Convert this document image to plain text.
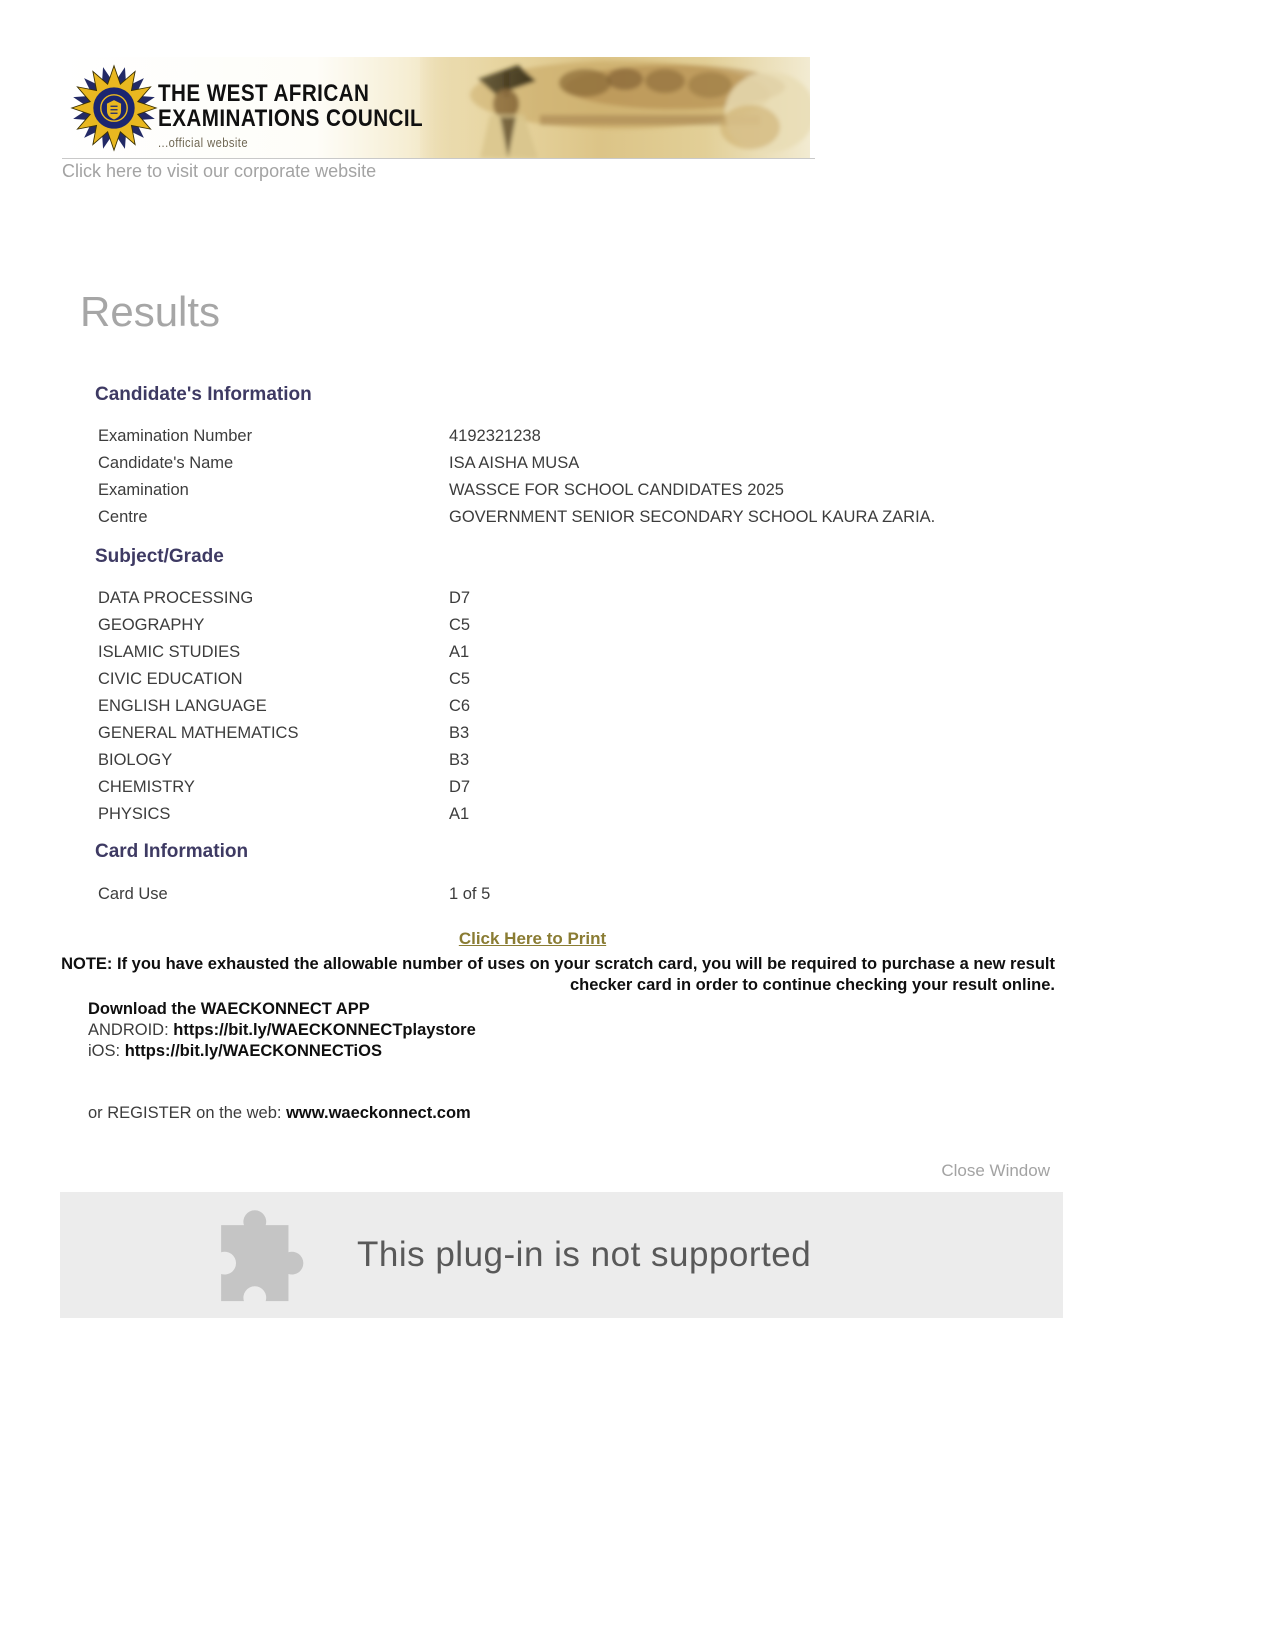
THE WEST AFRICAN
EXAMINATIONS COUNCIL
...official website
Click here to visit our corporate website
Results
Candidate's Information
Examination Number	4192321238
Candidate's Name	ISA AISHA MUSA
Examination	WASSCE FOR SCHOOL CANDIDATES 2025
Centre	GOVERNMENT SENIOR SECONDARY SCHOOL KAURA ZARIA.
Subject/Grade
DATA PROCESSING	D7
GEOGRAPHY	C5
ISLAMIC STUDIES	A1
CIVIC EDUCATION	C5
ENGLISH LANGUAGE	C6
GENERAL MATHEMATICS	B3
BIOLOGY	B3
CHEMISTRY	D7
PHYSICS	A1
Card Information
Card Use	1 of 5
Click Here to Print
NOTE: If you have exhausted the allowable number of uses on your scratch card, you will be required to purchase a new result checker card in order to continue checking your result online.
Download the WAECKONNECT APP
ANDROID: https://bit.ly/WAECKONNECTplaystore
iOS: https://bit.ly/WAECKONNECTiOS
or REGISTER on the web: www.waeckonnect.com
Close Window
This plug-in is not supported
